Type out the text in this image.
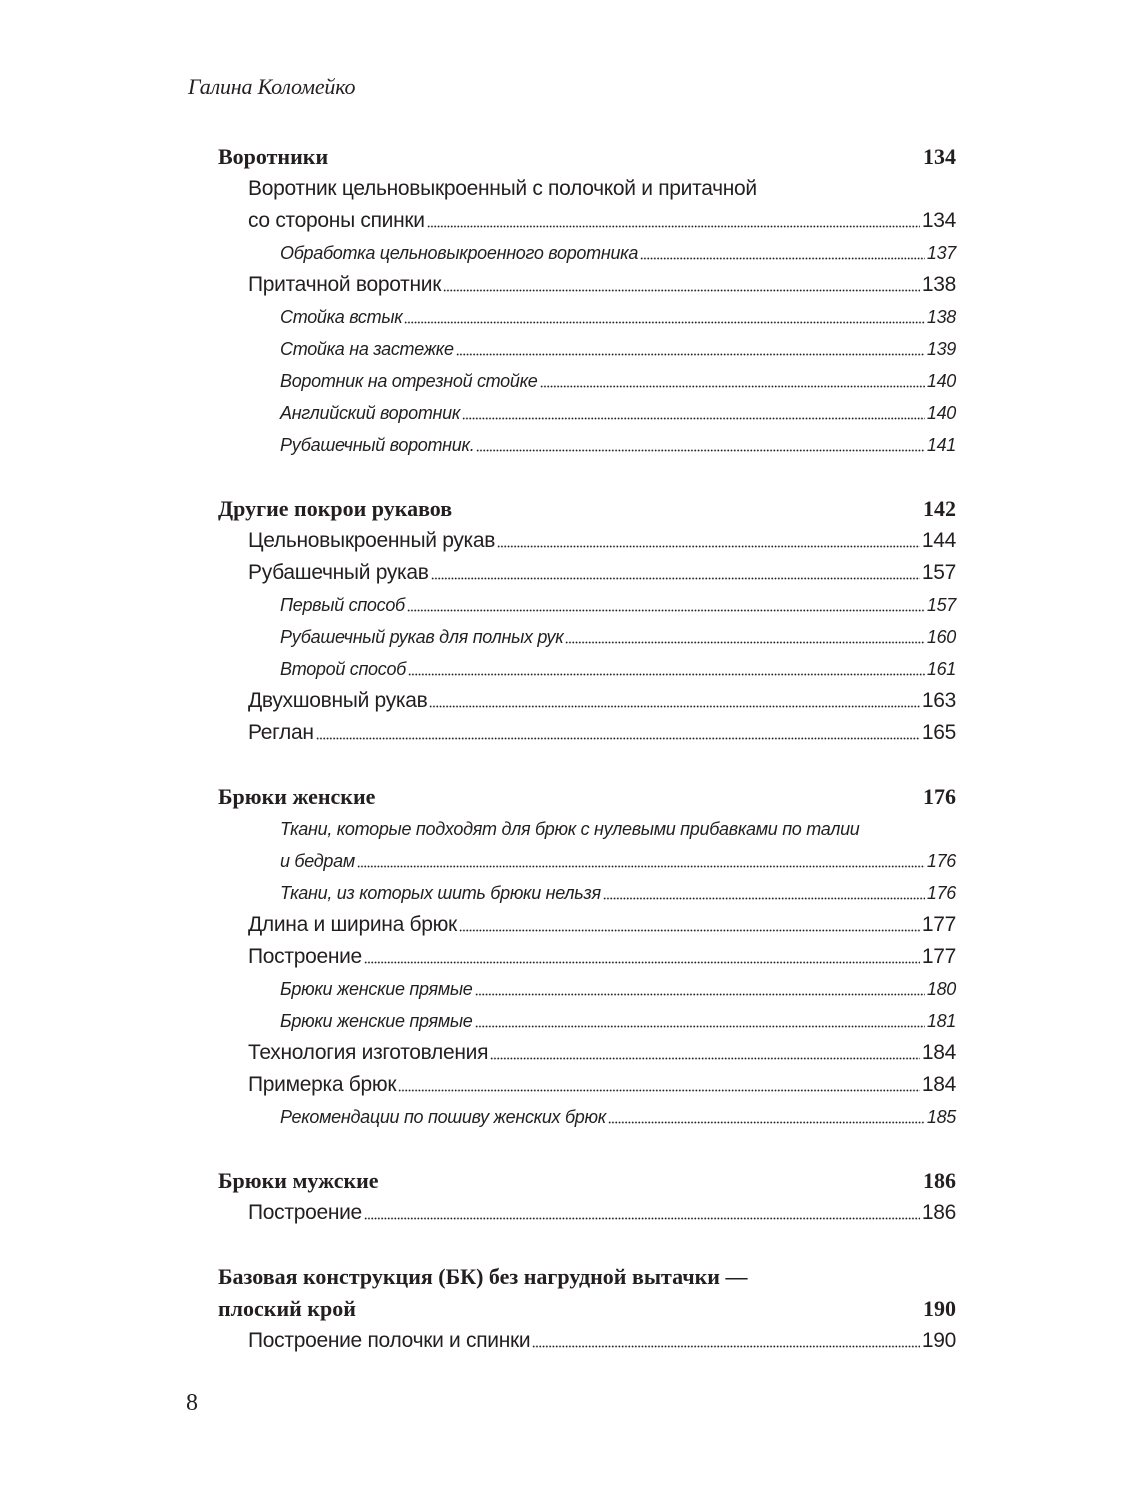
Галина Коломейко
Воротники	134
Воротник цельновыкроенный с полочкой и притачной
со стороны спинки	134
Обработка цельновыкроенного воротника	137
Притачной воротник	138
Стойка встык	138
Стойка на застежке	139
Воротник на отрезной стойке	140
Английский воротник	140
Рубашечный воротник.	141
Другие покрои рукавов	142
Цельновыкроенный рукав	144
Рубашечный рукав	157
Первый способ	157
Рубашечный рукав для полных рук	160
Второй способ	161
Двухшовный рукав	163
Реглан	165
Брюки женские	176
Ткани, которые подходят для брюк с нулевыми прибавками по талии
и бедрам	176
Ткани, из которых шить брюки нельзя	176
Длина и ширина брюк	177
Построение	177
Брюки женские прямые	180
Брюки женские прямые	181
Технология изготовления	184
Примерка брюк	184
Рекомендации по пошиву женских брюк	185
Брюки мужские	186
Построение	186
Базовая конструкция (БК) без нагрудной вытачки —
плоский крой	190
Построение полочки и спинки	190
8
